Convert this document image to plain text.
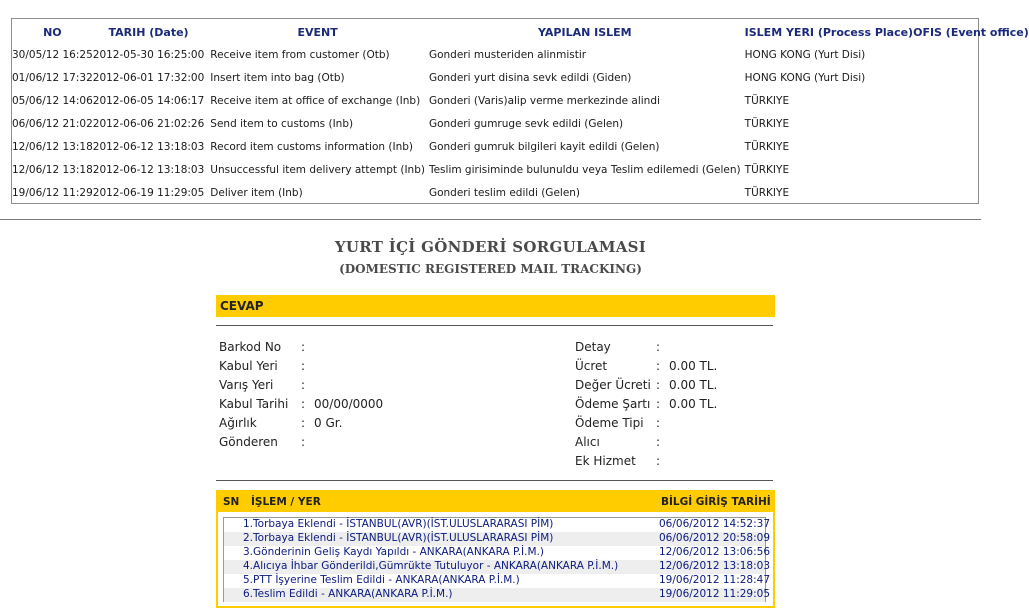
NO	TARIH (Date)	EVENT	YAPILAN ISLEM	ISLEM YERI (Process Place)	OFIS (Event office)
30/05/12 16:25	2012-05-30 16:25:00	Receive item from customer (Otb)	Gonderi musteriden alinmistir	HONG KONG (Yurt Disi)	
01/06/12 17:32	2012-06-01 17:32:00	Insert item into bag (Otb)	Gonderi yurt disina sevk edildi (Giden)	HONG KONG (Yurt Disi)	
05/06/12 14:06	2012-06-05 14:06:17	Receive item at office of exchange (Inb)	Gonderi (Varis)alip verme merkezinde alindi	TÜRKIYE	
06/06/12 21:02	2012-06-06 21:02:26	Send item to customs (Inb)	Gonderi gumruge sevk edildi (Gelen)	TÜRKIYE	
12/06/12 13:18	2012-06-12 13:18:03	Record item customs information (Inb)	Gonderi gumruk bilgileri kayit edildi (Gelen)	TÜRKIYE	
12/06/12 13:18	2012-06-12 13:18:03	Unsuccessful item delivery attempt (Inb)	Teslim girisiminde bulunuldu veya Teslim edilemedi (Gelen)	TÜRKIYE	
19/06/12 11:29	2012-06-19 11:29:05	Deliver item (Inb)	Gonderi teslim edildi (Gelen)	TÜRKIYE	
YURT İÇİ GÖNDERİ SORGULAMASI
(DOMESTIC REGISTERED MAIL TRACKING)
CEVAP
Barkod No :
Kabul Yeri :
Varış Yeri :
Kabul Tarihi : 00/00/0000
Ağırlık	: 0 Gr.
Gönderen :
Detay	:
Ücret	: 0.00 TL.
Değer Ücreti : 0.00 TL.
Ödeme Şartı : 0.00 TL.
Ödeme Tipi :
Alıcı	:
Ek Hizmet :
SN İŞLEM / YER	BİLGİ GİRİŞ TARİHİ
1.Torbaya Eklendi - İSTANBUL(AVR)(İST.ULUSLARARASI PİM)	06/06/2012 14:52:37
2.Torbaya Eklendi - İSTANBUL(AVR)(İST.ULUSLARARASI PİM)	06/06/2012 20:58:09
3.Gönderinin Geliş Kaydı Yapıldı - ANKARA(ANKARA P.İ.M.)	12/06/2012 13:06:56
4.Alıcıya İhbar Gönderildi,Gümrükte Tutuluyor - ANKARA(ANKARA P.İ.M.)	12/06/2012 13:18:03
5.PTT İşyerine Teslim Edildi - ANKARA(ANKARA P.İ.M.)	19/06/2012 11:28:47
6.Teslim Edildi - ANKARA(ANKARA P.İ.M.)	19/06/2012 11:29:05
